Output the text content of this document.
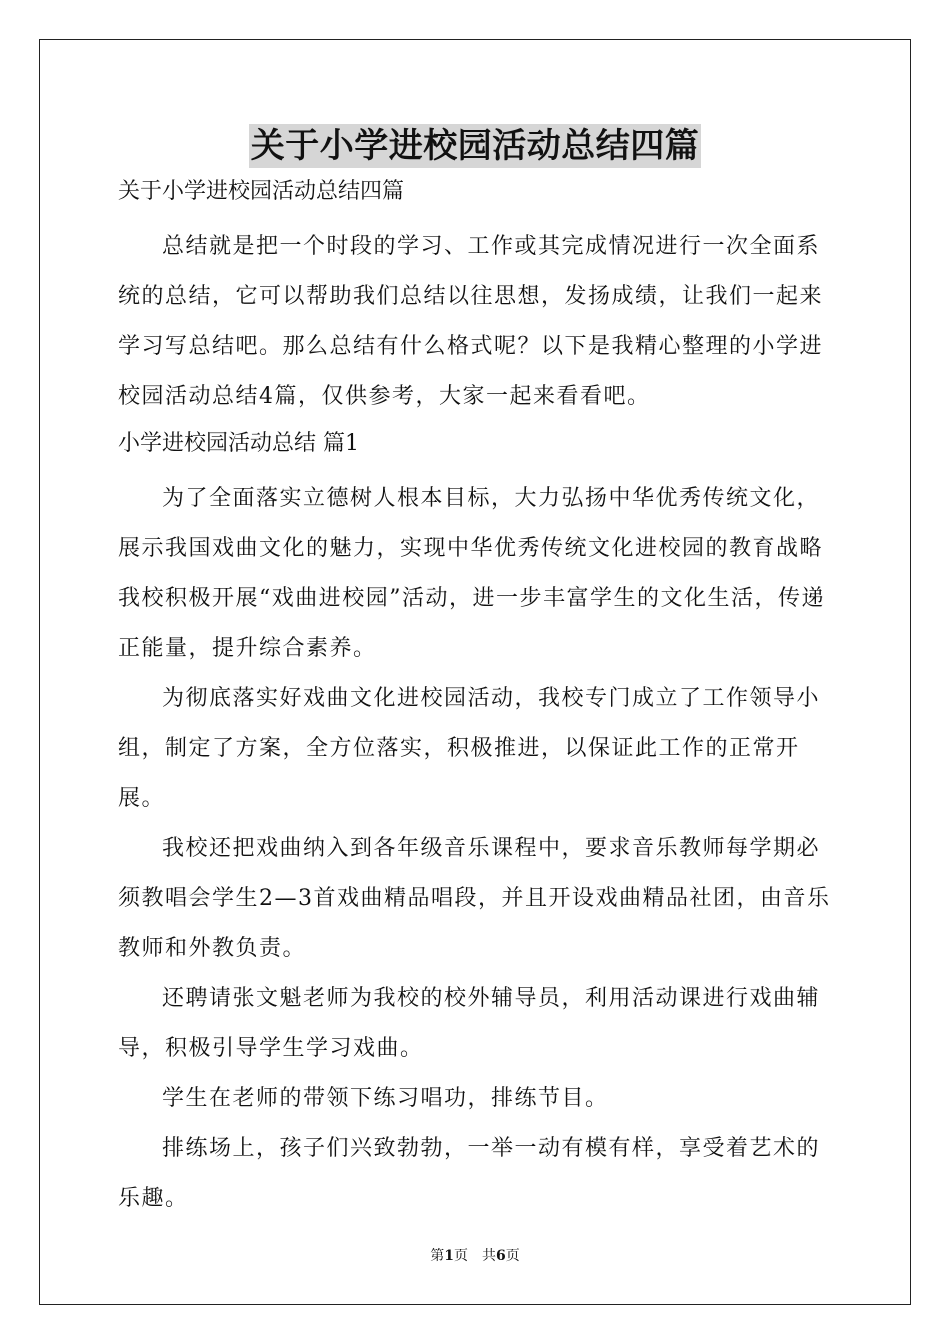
关于小学进校园活动总结四篇

关于小学进校园活动总结四篇

总结就是把一个时段的学习、工作或其完成情况进行一次全面系统的总结，它可以帮助我们总结以往思想，发扬成绩，让我们一起来学习写总结吧。那么总结有什么格式呢？以下是我精心整理的小学进校园活动总结4篇，仅供参考，大家一起来看看吧。

小学进校园活动总结 篇1

为了全面落实立德树人根本目标，大力弘扬中华优秀传统文化，展示我国戏曲文化的魅力，实现中华优秀传统文化进校园的教育战略我校积极开展“戏曲进校园”活动，进一步丰富学生的文化生活，传递正能量，提升综合素养。

为彻底落实好戏曲文化进校园活动，我校专门成立了工作领导小组，制定了方案，全方位落实，积极推进，以保证此工作的正常开展。

我校还把戏曲纳入到各年级音乐课程中，要求音乐教师每学期必须教唱会学生2—3首戏曲精品唱段，并且开设戏曲精品社团，由音乐教师和外教负责。

还聘请张文魁老师为我校的校外辅导员，利用活动课进行戏曲辅导，积极引导学生学习戏曲。

学生在老师的带领下练习唱功，排练节目。

排练场上，孩子们兴致勃勃，一举一动有模有样，享受着艺术的乐趣。

第1页　共6页
